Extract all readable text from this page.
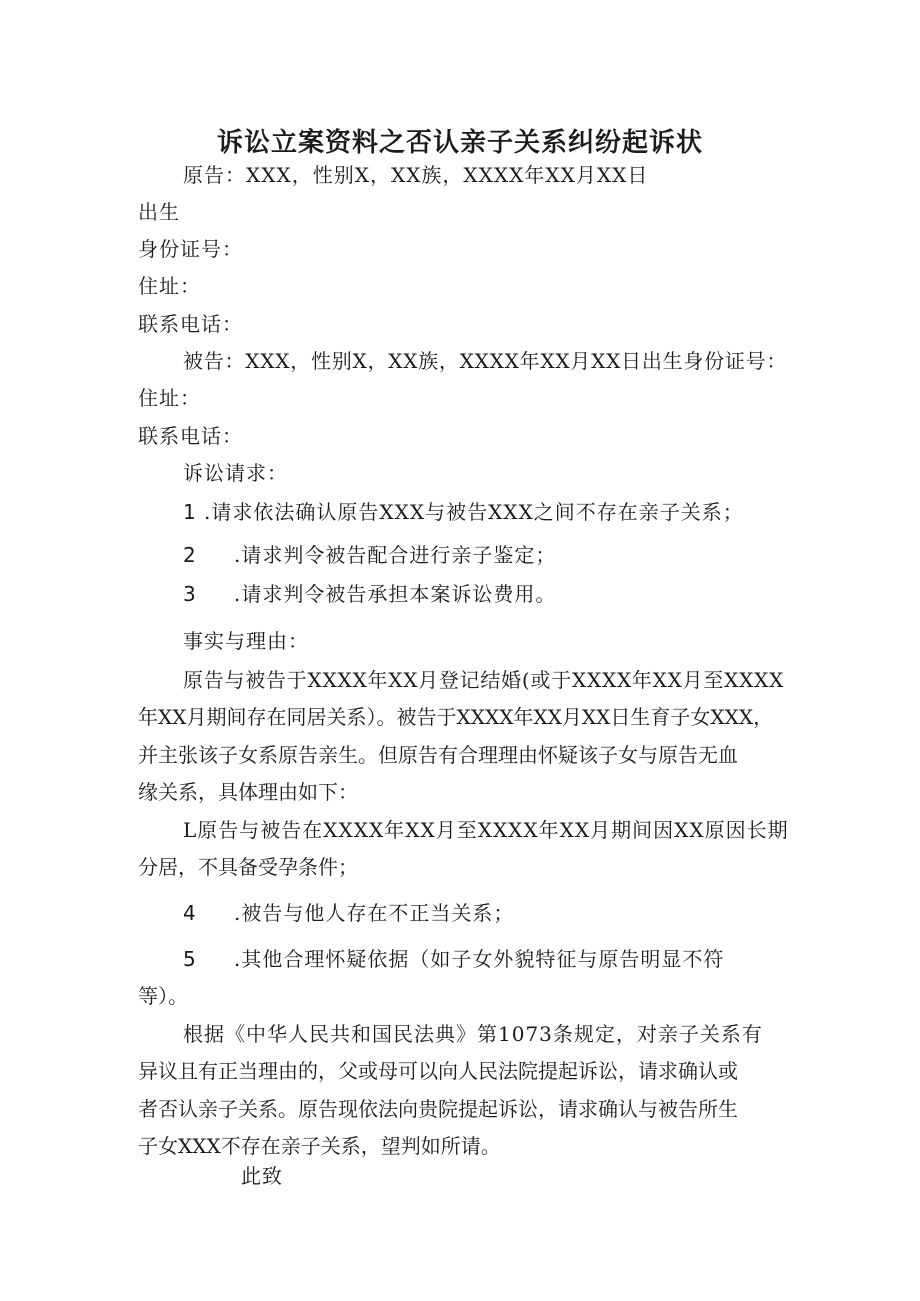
诉讼立案资料之否认亲子关系纠纷起诉状
原告：XXX，性别X，XX族，XXXX年XX月XX日
出生
身份证号：
住址：
联系电话：
被告：XXX，性别X，XX族，XXXX年XX月XX日出生身份证号：
住址：
联系电话：
诉讼请求：
1 .请求依法确认原告XXX与被告XXX之间不存在亲子关系；
2 .请求判令被告配合进行亲子鉴定；
3 .请求判令被告承担本案诉讼费用。
事实与理由：
原告与被告于XXXX年XX月登记结婚(或于XXXX年XX月至XXXX
年XX月期间存在同居关系）。被告于XXXX年XX月XX日生育子女XXX，
并主张该子女系原告亲生。但原告有合理理由怀疑该子女与原告无血
缘关系，具体理由如下：
L原告与被告在XXXX年XX月至XXXX年XX月期间因XX原因长期
分居，不具备受孕条件；
4 .被告与他人存在不正当关系；
5 .其他合理怀疑依据（如子女外貌特征与原告明显不符
等）。
根据《中华人民共和国民法典》第1073条规定，对亲子关系有
异议且有正当理由的，父或母可以向人民法院提起诉讼，请求确认或
者否认亲子关系。原告现依法向贵院提起诉讼，请求确认与被告所生
子女XXX不存在亲子关系，望判如所请。
此致
